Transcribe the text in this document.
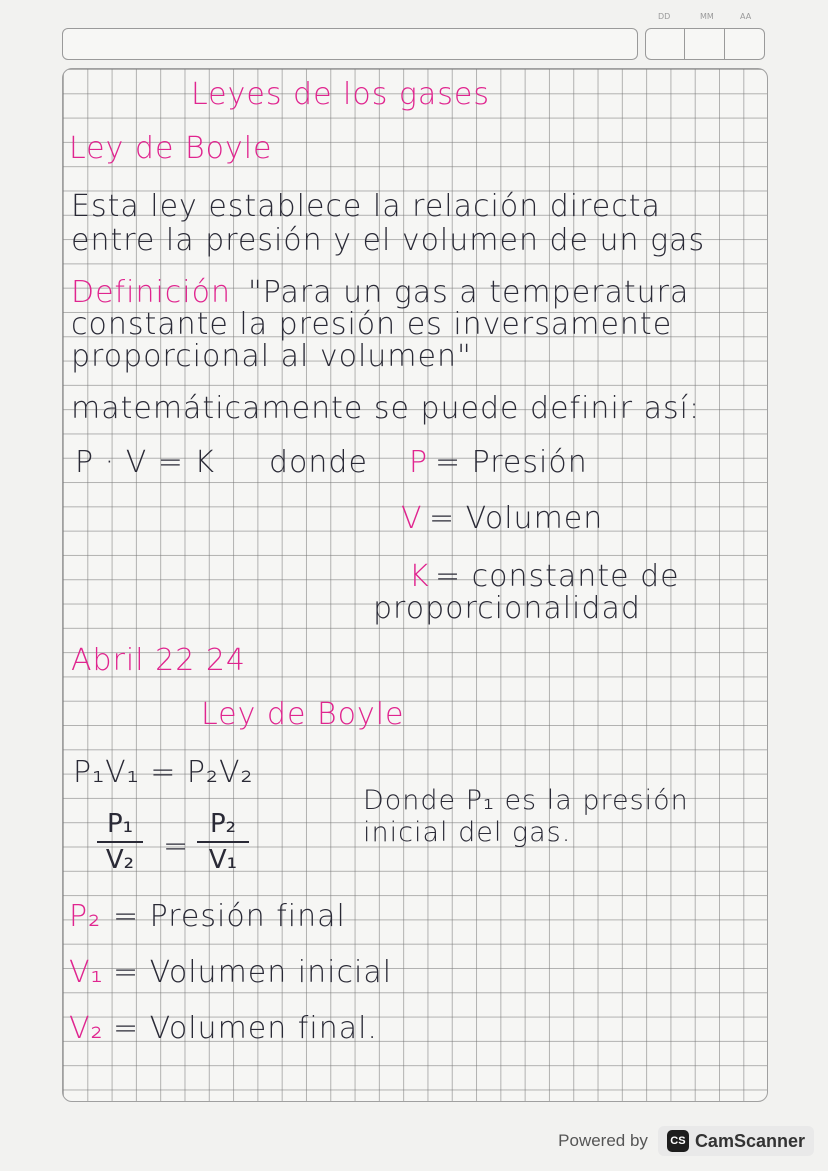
DD	MM	AA
Leyes de los gases
Ley de Boyle
Esta ley establece la relación directa
entre la presión y el volumen de un gas
Definición "Para un gas a temperatura
constante la presión es inversamente
proporcional al volumen"
matemáticamente se puede definir así:
P · V = K donde P = Presión
V = Volumen
K = constante de
proporcionalidad
Abril 22 24
Ley de Boyle
P₁V₁ = P₂V₂
P₁
V₂ =
P₂
V₁
Donde P₁ es la presión
inicial del gas.
P₂ = Presión final
V₁ = Volumen inicial
V₂ = Volumen final.
Powered by	CS CamScanner
